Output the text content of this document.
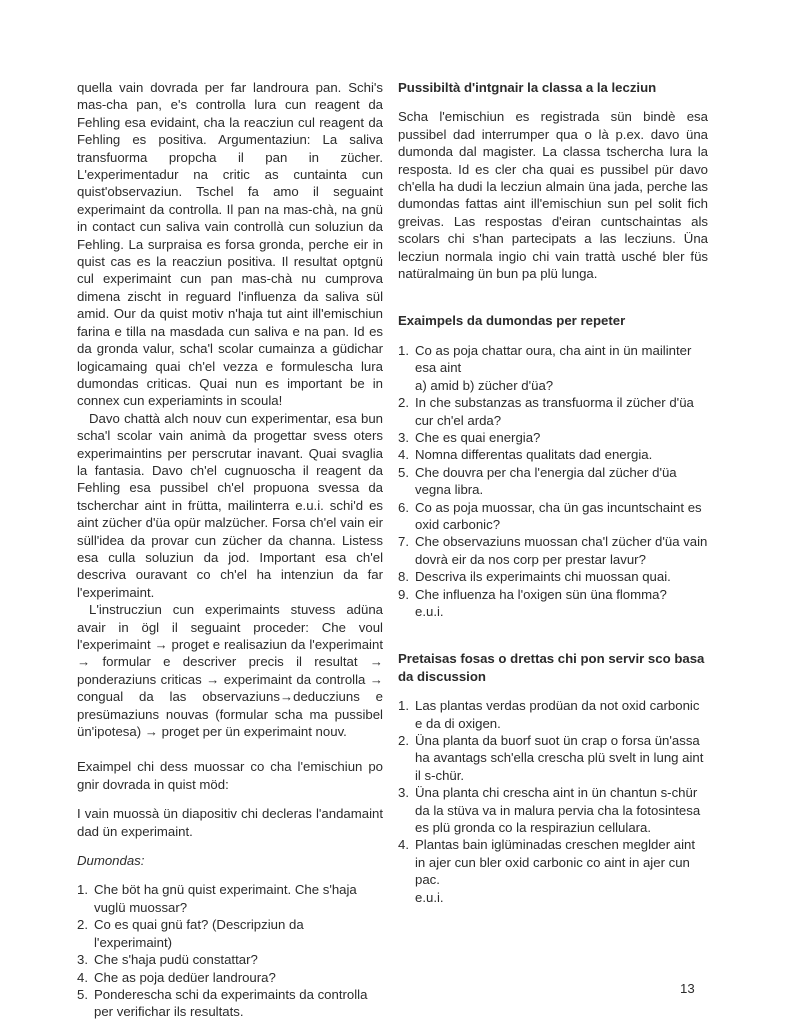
quella vain dovrada per far landroura pan. Schi's mas-cha pan, e's controlla lura cun reagent da Fehling esa evidaint, cha la reacziun cul reagent da Fehling es positiva. Argumentaziun: La saliva transfuorma propcha il pan in zücher. L'experimentadur na critic as cuntainta cun quist'observaziun. Tschel fa amo il seguaint experimaint da controlla. Il pan na mas-chà, na gnü in contact cun saliva vain controllà cun soluziun da Fehling. La surpraisa es forsa gronda, perche eir in quist cas es la reacziun positiva. Il resultat optgnü cul experimaint cun pan mas-chà nu cumprova dimena zischt in reguard l'influenza da saliva sül amid. Our da quist motiv n'haja tut aint ill'emischiun farina e tilla na masdada cun saliva e na pan. Id es da gronda valur, scha'l scolar cumainza a güdichar logicamaing quai ch'el vezza e formulescha lura dumondas criticas. Quai nun es important be in connex cun experiamints in scoula!

Davo chattà alch nouv cun experimentar, esa bun scha'l scolar vain animà da progettar svess oters experimaintins per perscrutar inavant. Quai svaglia la fantasia. Davo ch'el cugnuoscha il reagent da Fehling esa pussibel ch'el propuona svessa da tscherchar aint in frütta, mailinterra e.u.i. schi'd es aint zücher d'üa opür malzücher. Forsa ch'el vain eir süll'idea da provar cun zücher da channa. Listess esa culla soluziun da jod. Important esa ch'el descriva ouravant co ch'el ha intenziun da far l'experimaint.

L'instrucziun cun experimaints stuvess adüna avair in ögl il seguaint proceder: Che voul l'experimaint → proget e realisaziun da l'experimaint → formular e descriver precis il resultat → ponderaziuns criticas → experimaint da controlla → congual da las observaziuns→deducziuns e presümaziuns nouvas (formular scha ma pussibel ün'ipotesa) → proget per ün experimaint nouv.

Exaimpel chi dess muossar co cha l'emischiun po gnir dovrada in quist möd:

I vain muossà ün diapositiv chi decleras l'andamaint dad ün experimaint.

Dumondas:

1. Che böt ha gnü quist experimaint. Che s'haja vuglü muossar?
2. Co es quai gnü fat? (Descripziun da l'experimaint)
3. Che s'haja pudü constattar?
4. Che as poja dedüer landroura?
5. Ponderescha schi da experimaints da controlla per verifichar ils resultats.
Pussibiltà d'intgnair la classa a la lecziun

Scha l'emischiun es registrada sün bindè esa pussibel dad interrumper qua o là p.ex. davo üna dumonda dal magister. La classa tschercha lura la resposta. Id es cler cha quai es pussibel pür davo ch'ella ha dudi la lecziun almain üna jada, perche las dumondas fattas aint ill'emischiun sun pel solit fich greivas. Las respostas d'eiran cuntschaintas als scolars chi s'han partecipats a las lecziuns. Üna lecziun normala ingio chi vain trattà usché bler füs natüralmaing ün bun pa plü lunga.

Exaimpels da dumondas per repeter
1. Co as poja chattar oura, cha aint in ün mailinter esa aint
a) amid b) zücher d'üa?
2. In che substanzas as transfuorma il zücher d'üa cur ch'el arda?
3. Che es quai energia?
4. Nomna differentas qualitats dad energia.
5. Che douvra per cha l'energia dal zücher d'üa vegna libra.
6. Co as poja muossar, cha ün gas incuntschaint es oxid carbonic?
7. Che observaziuns muossan cha'l zücher d'üa vain dovrà eir da nos corp per prestar lavur?
8. Descriva ils experimaints chi muossan quai.
9. Che influenza ha l'oxigen sün üna flomma?
e.u.i.
Pretaisas fosas o drettas chi pon servir sco basa da discussion
1. Las plantas verdas prodüan da not oxid carbonic e da di oxigen.
2. Üna planta da buorf suot ün crap o forsa ün'assa ha avantags sch'ella crescha plü svelt in lung aint il s-chür.
3. Üna planta chi crescha aint in ün chantun s-chür da la stüva va in malura pervia cha la fotosintesa es plü gronda co la respiraziun cellulara.
4. Plantas bain iglüminadas creschen meglder aint in ajer cun bler oxid carbonic co aint in ajer cun pac.
e.u.i.
13
